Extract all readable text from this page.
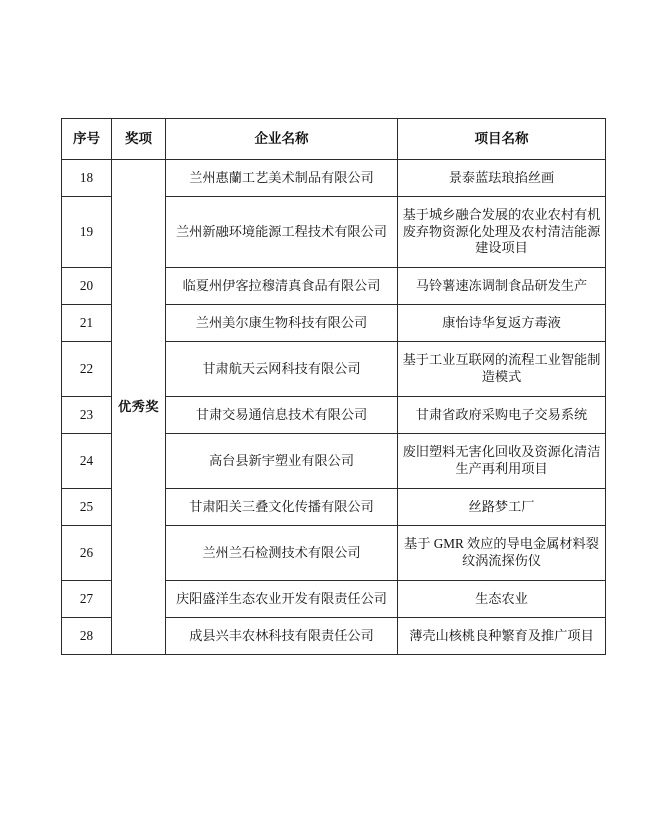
序号	奖项	企业名称	项目名称
18	优秀奖	兰州惠蘭工艺美术制品有限公司	景泰蓝珐琅掐丝画
19		兰州新融环境能源工程技术有限公司	基于城乡融合发展的农业农村有机废弃物资源化处理及农村清洁能源建设项目
20		临夏州伊客拉穆清真食品有限公司	马铃薯速冻调制食品研发生产
21		兰州美尔康生物科技有限公司	康怡诗华复返方毒液
22		甘肃航天云网科技有限公司	基于工业互联网的流程工业智能制造模式
23		甘肃交易通信息技术有限公司	甘肃省政府采购电子交易系统
24		高台县新宇塑业有限公司	废旧塑料无害化回收及资源化清洁生产再利用项目
25		甘肃阳关三叠文化传播有限公司	丝路梦工厂
26		兰州兰石检测技术有限公司	基于 GMR 效应的导电金属材料裂纹涡流探伤仪
27		庆阳盛洋生态农业开发有限责任公司	生态农业
28		成县兴丰农林科技有限责任公司	薄壳山核桃良种繁育及推广项目
